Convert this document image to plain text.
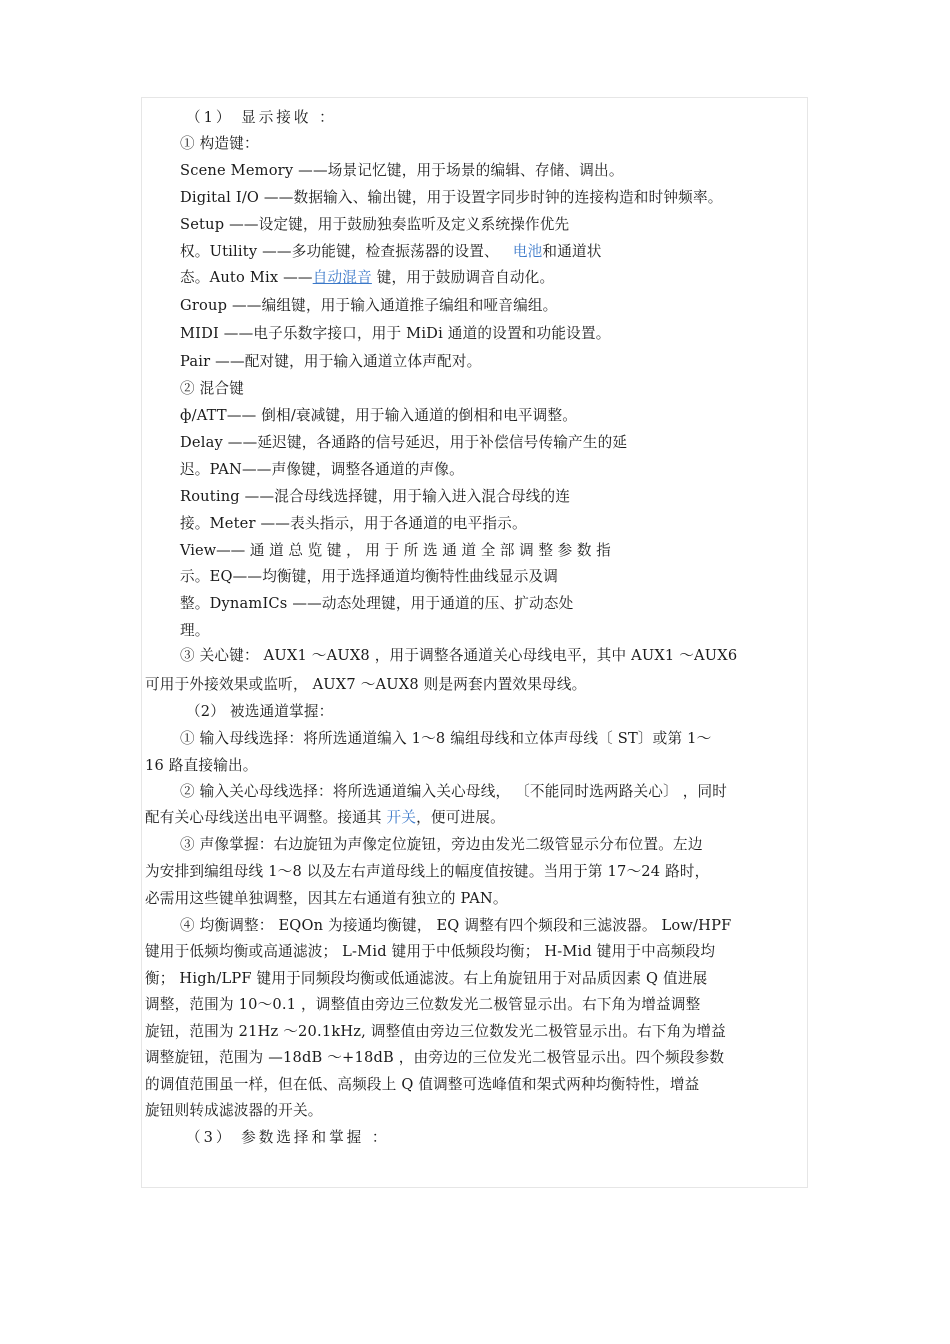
（1） 显示接收 ：
① 构造键：
Scene Memory ——场景记忆键，用于场景的编辑、存储、调出。
Digital I/O ——数据输入、输出键，用于设置字同步时钟的连接构造和时钟频率。
Setup ——设定键，用于鼓励独奏监听及定义系统操作优先
权。Utility ——多功能键，检查振荡器的设置、 电池和通道状
态。Auto Mix ——自动混音 键，用于鼓励调音自动化。
Group ——编组键，用于输入通道推子编组和哑音编组。
MIDI ——电子乐数字接口，用于 MiDi 通道的设置和功能设置。
Pair ——配对键，用于输入通道立体声配对。
② 混合键
ф/ATT—— 倒相/衰减键，用于输入通道的倒相和电平调整。
Delay ——延迟键，各通路的信号延迟，用于补偿信号传输产生的延
迟。PAN——声像键，调整各通道的声像。
Routing ——混合母线选择键，用于输入进入混合母线的连
接。Meter ——表头指示，用于各通道的电平指示。
View—— 通 道 总 览 键 ， 用 于 所 选 通 道 全 部 调 整 参 数 指
示。EQ——均衡键，用于选择通道均衡特性曲线显示及调
整。DynamICs ——动态处理键，用于通道的压、扩动态处
理。
③ 关心键： AUX1 ～AUX8 ，用于调整各通道关心母线电平，其中 AUX1 ～AUX6
可用于外接效果或监听， AUX7 ～AUX8 则是两套内置效果母线。
（2） 被选通道掌握：
① 输入母线选择：将所选通道编入 1～8 编组母线和立体声母线〔 ST〕或第 1～
16 路直接输出。
② 输入关心母线选择：将所选通道编入关心母线， 〔不能同时选两路关心〕 ，同时
配有关心母线送出电平调整。接通其 开关，便可进展。
③ 声像掌握：右边旋钮为声像定位旋钮，旁边由发光二级管显示分布位置。左边
为安排到编组母线 1～8 以及左右声道母线上的幅度值按键。当用于第 17～24 路时，
必需用这些键单独调整，因其左右通道有独立的 PAN。
④ 均衡调整： EQOn 为接通均衡键， EQ 调整有四个频段和三滤波器。 Low/HPF
键用于低频均衡或高通滤波； L-Mid 键用于中低频段均衡； H-Mid 键用于中高频段均
衡； High/LPF 键用于同频段均衡或低通滤波。右上角旋钮用于对品质因素 Q 值进展
调整，范围为 10～0.1 ，调整值由旁边三位数发光二极管显示出。右下角为增益调整
旋钮，范围为 21Hz ～20.1kHz, 调整值由旁边三位数发光二极管显示出。右下角为增益
调整旋钮，范围为 —18dB ～+18dB ，由旁边的三位发光二极管显示出。四个频段参数
的调值范围虽一样，但在低、高频段上 Q 值调整可选峰值和架式两种均衡特性，增益
旋钮则转成滤波器的开关。
（3） 参数选择和掌握 ：
